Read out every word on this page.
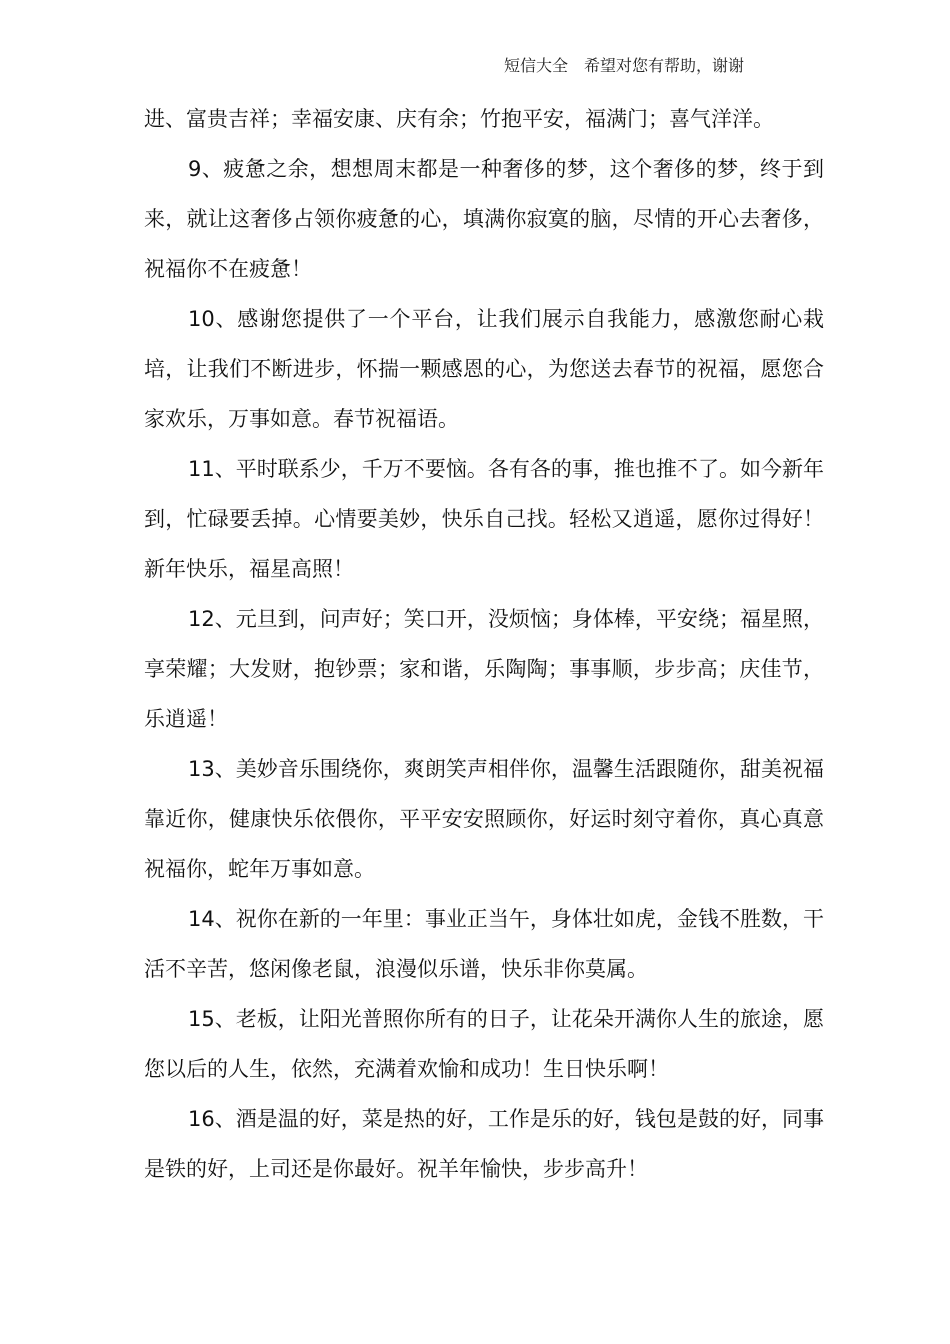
短信大全　希望对您有帮助，谢谢

进、富贵吉祥；幸福安康、庆有余；竹抱平安，福满门；喜气洋洋。

9、疲惫之余，想想周末都是一种奢侈的梦，这个奢侈的梦，终于到来，就让这奢侈占领你疲惫的心，填满你寂寞的脑，尽情的开心去奢侈，祝福你不在疲惫！

10、感谢您提供了一个平台，让我们展示自我能力，感激您耐心栽培，让我们不断进步，怀揣一颗感恩的心，为您送去春节的祝福，愿您合家欢乐，万事如意。春节祝福语。

11、平时联系少，千万不要恼。各有各的事，推也推不了。如今新年到，忙碌要丢掉。心情要美妙，快乐自己找。轻松又逍遥，愿你过得好！新年快乐，福星高照！

12、元旦到，问声好；笑口开，没烦恼；身体棒，平安绕；福星照，享荣耀；大发财，抱钞票；家和谐，乐陶陶；事事顺，步步高；庆佳节，乐逍遥！

13、美妙音乐围绕你，爽朗笑声相伴你，温馨生活跟随你，甜美祝福靠近你，健康快乐依偎你，平平安安照顾你，好运时刻守着你，真心真意祝福你，蛇年万事如意。

14、祝你在新的一年里：事业正当午，身体壮如虎，金钱不胜数，干活不辛苦，悠闲像老鼠，浪漫似乐谱，快乐非你莫属。

15、老板，让阳光普照你所有的日子，让花朵开满你人生的旅途，愿您以后的人生，依然，充满着欢愉和成功！生日快乐啊！

16、酒是温的好，菜是热的好，工作是乐的好，钱包是鼓的好，同事是铁的好，上司还是你最好。祝羊年愉快，步步高升！
